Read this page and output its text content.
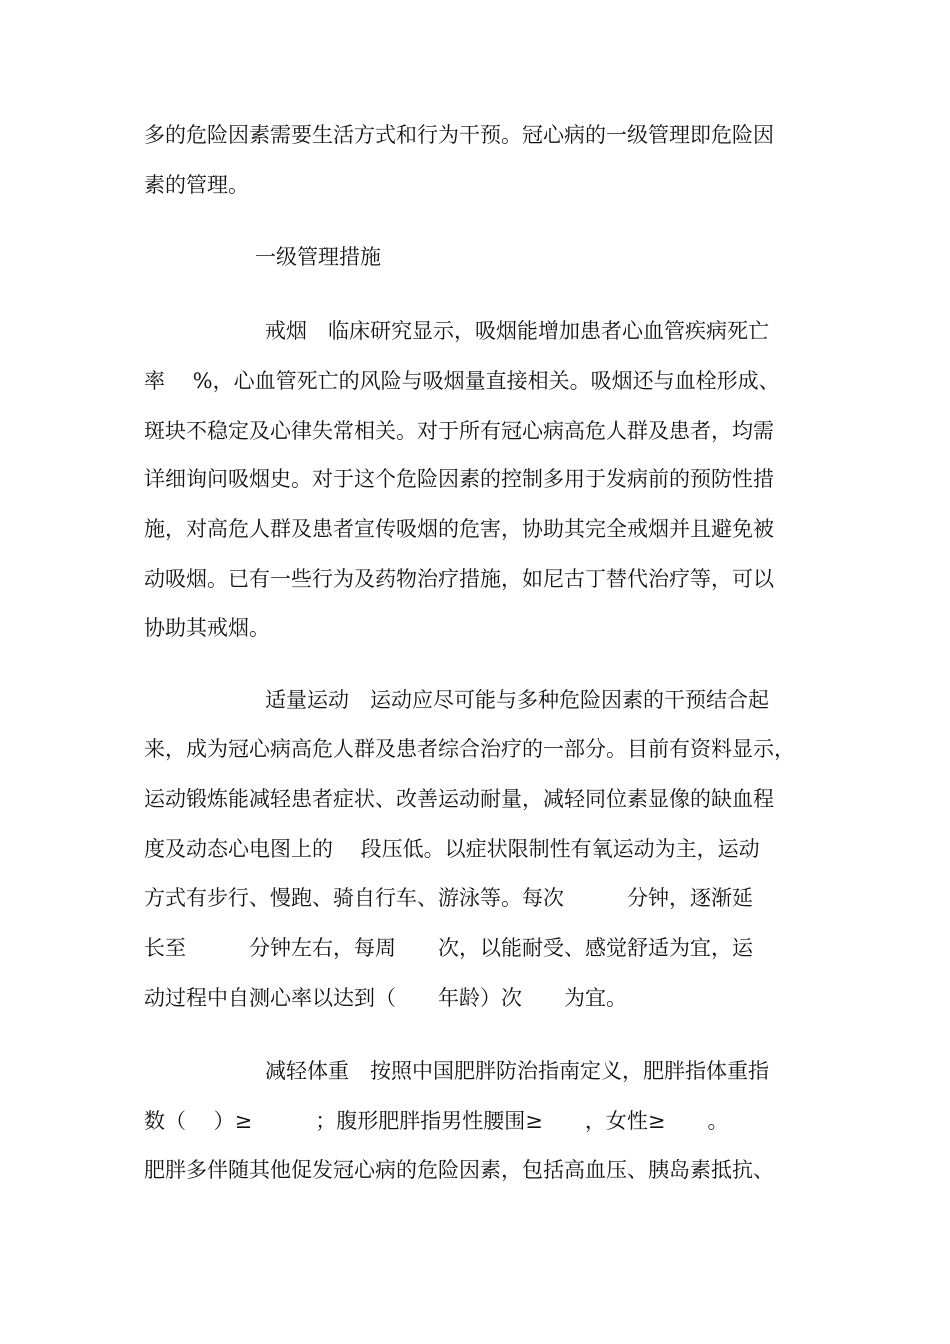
多的危险因素需要生活方式和行为干预。冠心病的一级管理即危险因
素的管理。
一级管理措施
戒烟　临床研究显示，吸烟能增加患者心血管疾病死亡
率　 %，心血管死亡的风险与吸烟量直接相关。吸烟还与血栓形成、
斑块不稳定及心律失常相关。对于所有冠心病高危人群及患者，均需
详细询问吸烟史。对于这个危险因素的控制多用于发病前的预防性措
施，对高危人群及患者宣传吸烟的危害，协助其完全戒烟并且避免被
动吸烟。已有一些行为及药物治疗措施，如尼古丁替代治疗等，可以
协助其戒烟。
适量运动　运动应尽可能与多种危险因素的干预结合起
来，成为冠心病高危人群及患者综合治疗的一部分。目前有资料显示，
运动锻炼能减轻患者症状、改善运动耐量，减轻同位素显像的缺血程
度及动态心电图上的　 段压低。以症状限制性有氧运动为主，运动
方式有步行、慢跑、骑自行车、游泳等。每次　　　分钟，逐渐延
长至　　　分钟左右，每周　　次，以能耐受、感觉舒适为宜，运
动过程中自测心率以达到（　　年龄）次　　为宜。
减轻体重　按照中国肥胖防治指南定义，肥胖指体重指
数（　 ）≥　　　；腹形肥胖指男性腰围≥　　，女性≥　　。
肥胖多伴随其他促发冠心病的危险因素，包括高血压、胰岛素抵抗、
